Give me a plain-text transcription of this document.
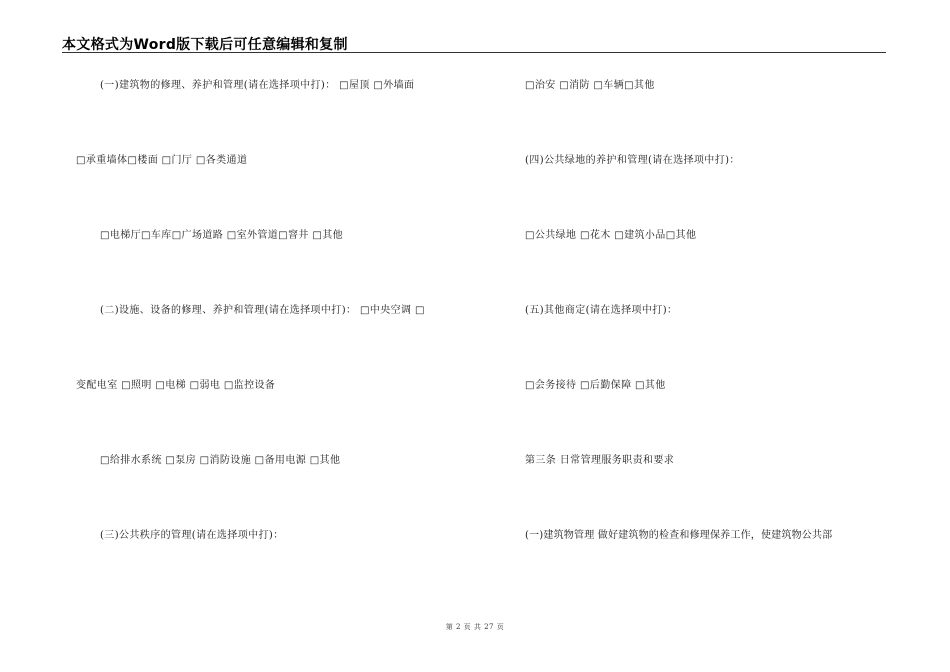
本文格式为Word版下载后可任意编辑和复制
(一)建筑物的修理、养护和管理(请在选择项中打)： □屋顶 □外墙面
□承重墙体□楼面 □门厅 □各类通道
□电梯厅□车库□广场道路 □室外管道□窨井 □其他
(二)设施、设备的修理、养护和管理(请在选择项中打)： □中央空调 □
变配电室 □照明 □电梯 □弱电 □监控设备
□给排水系统 □泵房 □消防设施 □备用电源 □其他
(三)公共秩序的管理(请在选择项中打)：
□治安 □消防 □车辆□其他
(四)公共绿地的养护和管理(请在选择项中打)：
□公共绿地 □花木 □建筑小品□其他
(五)其他商定(请在选择项中打)：
□会务接待 □后勤保障 □其他
第三条 日常管理服务职责和要求
(一)建筑物管理 做好建筑物的检查和修理保养工作，使建筑物公共部
第 2 页 共 27 页
